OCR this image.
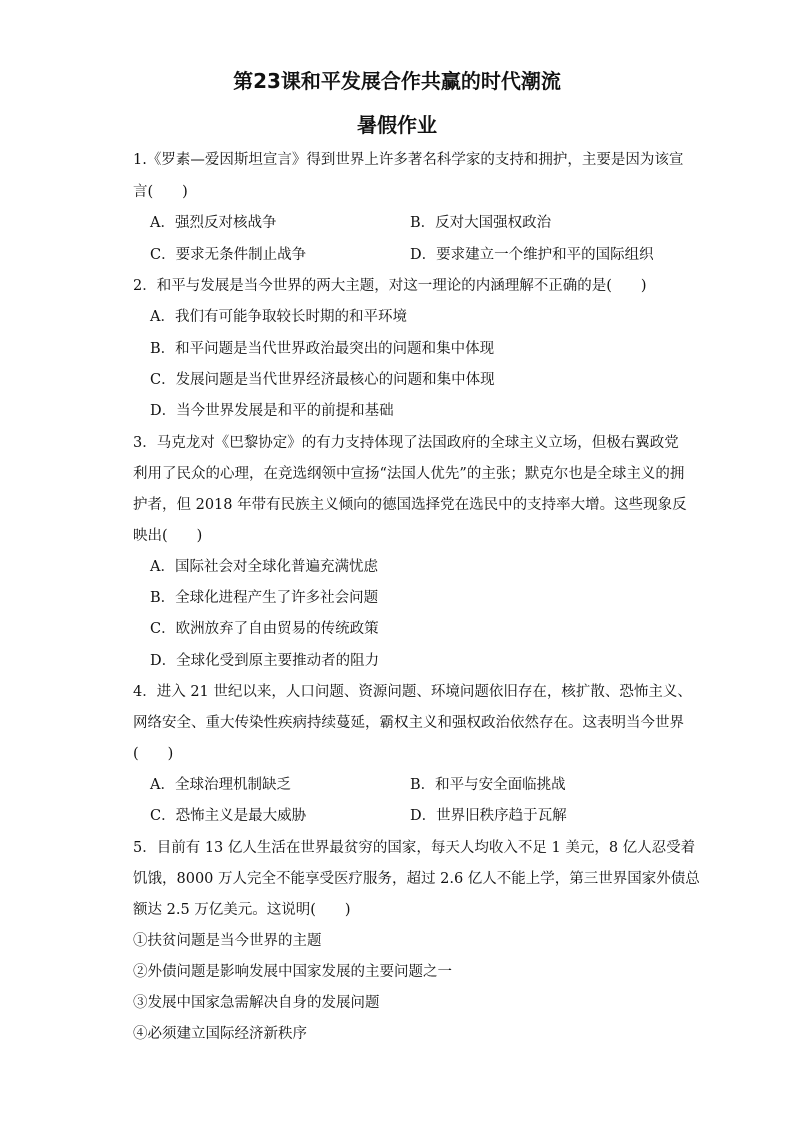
第23课和平发展合作共赢的时代潮流
暑假作业
1.《罗素—爱因斯坦宣言》得到世界上许多著名科学家的支持和拥护，主要是因为该宣
言(　　)
A．强烈反对核战争	B．反对大国强权政治
C．要求无条件制止战争	D．要求建立一个维护和平的国际组织
2．和平与发展是当今世界的两大主题，对这一理论的内涵理解不正确的是(　　)
A．我们有可能争取较长时期的和平环境
B．和平问题是当代世界政治最突出的问题和集中体现
C．发展问题是当代世界经济最核心的问题和集中体现
D．当今世界发展是和平的前提和基础
3．马克龙对《巴黎协定》的有力支持体现了法国政府的全球主义立场，但极右翼政党
利用了民众的心理，在竞选纲领中宣扬“法国人优先”的主张；默克尔也是全球主义的拥
护者，但 2018 年带有民族主义倾向的德国选择党在选民中的支持率大增。这些现象反
映出(　　)
A．国际社会对全球化普遍充满忧虑
B．全球化进程产生了许多社会问题
C．欧洲放弃了自由贸易的传统政策
D．全球化受到原主要推动者的阻力
4．进入 21 世纪以来，人口问题、资源问题、环境问题依旧存在，核扩散、恐怖主义、
网络安全、重大传染性疾病持续蔓延，霸权主义和强权政治依然存在。这表明当今世界
(　　)
A．全球治理机制缺乏	B．和平与安全面临挑战
C．恐怖主义是最大威胁	D．世界旧秩序趋于瓦解
5．目前有 13 亿人生活在世界最贫穷的国家，每天人均收入不足 1 美元，8 亿人忍受着
饥饿，8000 万人完全不能享受医疗服务，超过 2.6 亿人不能上学，第三世界国家外债总
额达 2.5 万亿美元。这说明(　　)
①扶贫问题是当今世界的主题
②外债问题是影响发展中国家发展的主要问题之一
③发展中国家急需解决自身的发展问题
④必须建立国际经济新秩序
